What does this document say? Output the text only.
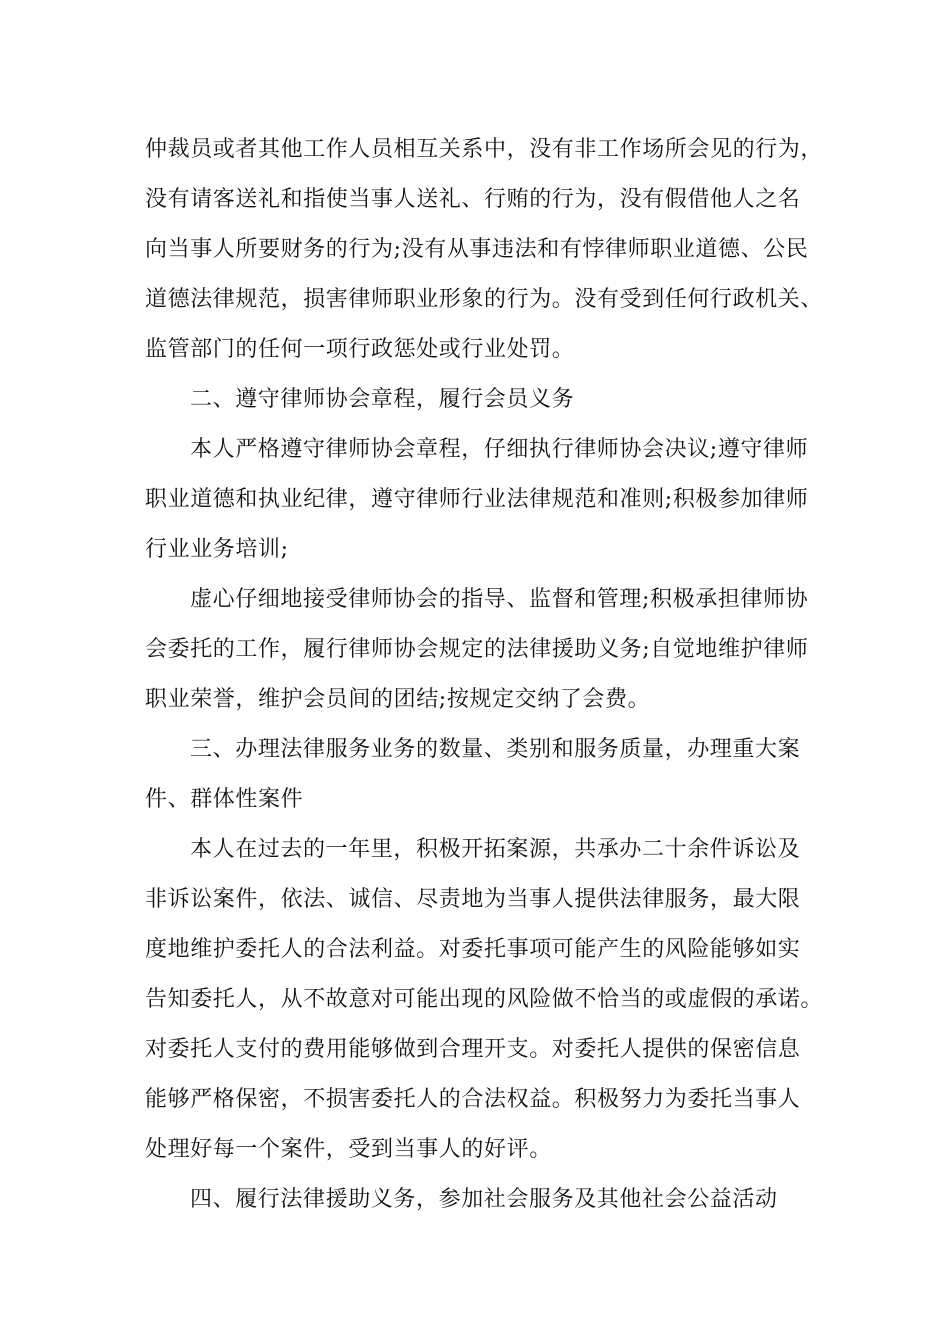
仲裁员或者其他工作人员相互关系中，没有非工作场所会见的行为，
没有请客送礼和指使当事人送礼、行贿的行为，没有假借他人之名
向当事人所要财务的行为;没有从事违法和有悖律师职业道德、公民
道德法律规范，损害律师职业形象的行为。没有受到任何行政机关、
监管部门的任何一项行政惩处或行业处罚。
二、遵守律师协会章程，履行会员义务
本人严格遵守律师协会章程，仔细执行律师协会决议;遵守律师
职业道德和执业纪律，遵守律师行业法律规范和准则;积极参加律师
行业业务培训;
虚心仔细地接受律师协会的指导、监督和管理;积极承担律师协
会委托的工作，履行律师协会规定的法律援助义务;自觉地维护律师
职业荣誉，维护会员间的团结;按规定交纳了会费。
三、办理法律服务业务的数量、类别和服务质量，办理重大案
件、群体性案件
本人在过去的一年里，积极开拓案源，共承办二十余件诉讼及
非诉讼案件，依法、诚信、尽责地为当事人提供法律服务，最大限
度地维护委托人的合法利益。对委托事项可能产生的风险能够如实
告知委托人，从不故意对可能出现的风险做不恰当的或虚假的承诺。
对委托人支付的费用能够做到合理开支。对委托人提供的保密信息
能够严格保密，不损害委托人的合法权益。积极努力为委托当事人
处理好每一个案件，受到当事人的好评。
四、履行法律援助义务，参加社会服务及其他社会公益活动
